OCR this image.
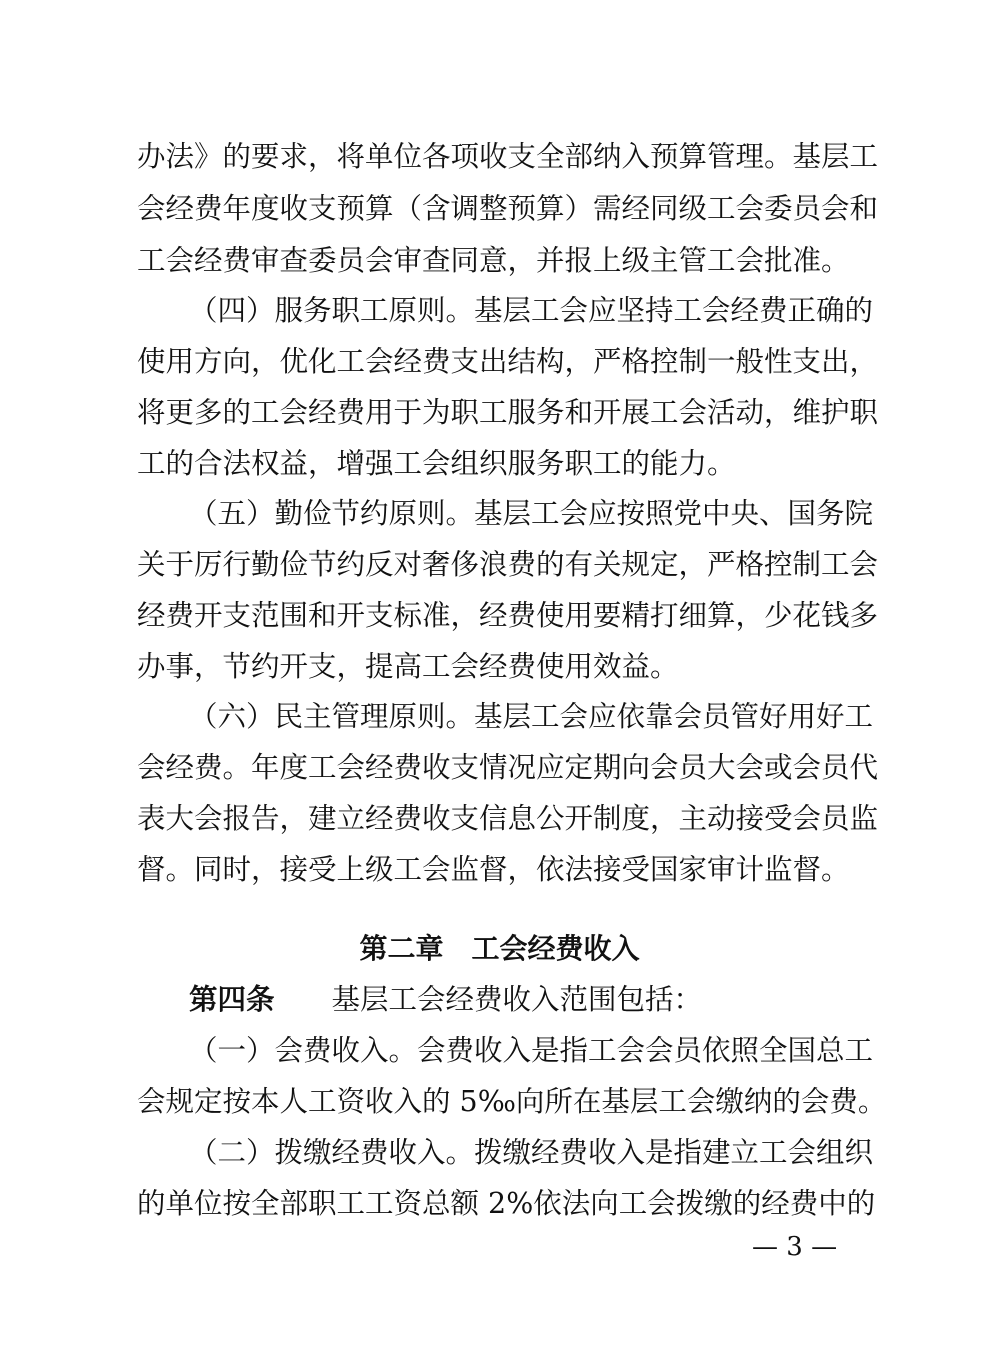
办法》的要求，将单位各项收支全部纳入预算管理。基层工
会经费年度收支预算（含调整预算）需经同级工会委员会和
工会经费审查委员会审查同意，并报上级主管工会批准。
（四）服务职工原则。基层工会应坚持工会经费正确的
使用方向，优化工会经费支出结构，严格控制一般性支出，
将更多的工会经费用于为职工服务和开展工会活动，维护职
工的合法权益，增强工会组织服务职工的能力。
（五）勤俭节约原则。基层工会应按照党中央、国务院
关于厉行勤俭节约反对奢侈浪费的有关规定，严格控制工会
经费开支范围和开支标准，经费使用要精打细算，少花钱多
办事，节约开支，提高工会经费使用效益。
（六）民主管理原则。基层工会应依靠会员管好用好工
会经费。年度工会经费收支情况应定期向会员大会或会员代
表大会报告，建立经费收支信息公开制度，主动接受会员监
督。同时，接受上级工会监督，依法接受国家审计监督。
第二章　工会经费收入
第四条　　 基层工会经费收入范围包括：
（一）会费收入。会费收入是指工会会员依照全国总工
会规定按本人工资收入的 5‰向所在基层工会缴纳的会费。
（二）拨缴经费收入。拨缴经费收入是指建立工会组织
的单位按全部职工工资总额 2%依法向工会拨缴的经费中的
— 3 —
